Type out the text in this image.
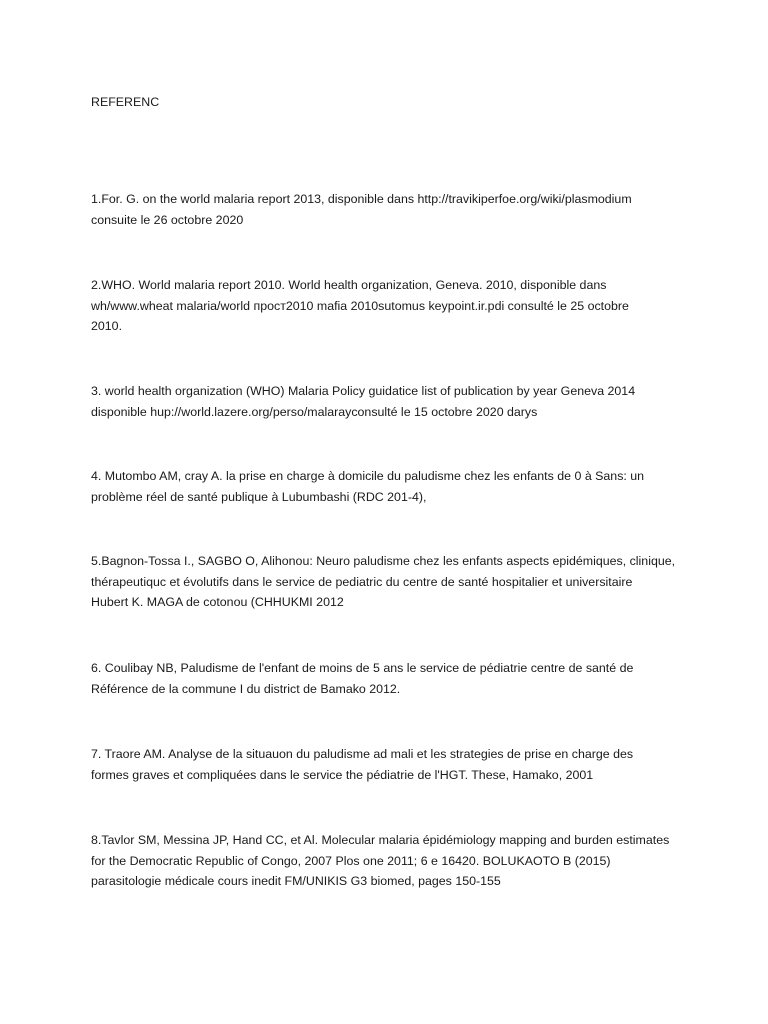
REFERENC

1.For. G. on the world malaria report 2013, disponible dans http://travikiperfoe.org/wiki/plasmodium
consuite le 26 octobre 2020

2.WHO. World malaria report 2010. World health organization, Geneva. 2010, disponible dans
wh/www.wheat malaria/world прост2010 mafia 2010sutomus keypoint.ir.pdi consulté le 25 octobre
2010.

3. world health organization (WHO) Malaria Policy guidatice list of publication by year Geneva 2014
disponible hup://world.lazere.org/perso/malarayconsulté le 15 octobre 2020 darys

4. Mutombo AM, cray A. la prise en charge à domicile du paludisme chez les enfants de 0 à Sans: un
problème réel de santé publique à Lubumbashi (RDC 201-4),

5.Bagnon-Tossa I., SAGBO O, Alihonou: Neuro paludisme chez les enfants aspects epidémiques, clinique,
thérapeutiquc et évolutifs dans le service de pediatric du centre de santé hospitalier et universitaire
Hubert K. MAGA de cotonou (CHHUKMI 2012

6. Coulibay NB, Paludisme de l'enfant de moins de 5 ans le service de pédiatrie centre de santé de
Référence de la commune I du district de Bamako 2012.

7. Traore AM. Analyse de la situauon du paludisme ad mali et les strategies de prise en charge des
formes graves et compliquées dans le service the pédiatrie de l'HGT. These, Hamako, 2001

8.Tavlor SM, Messina JP, Hand CC, et Al. Molecular malaria épidémiology mapping and burden estimates
for the Democratic Republic of Congo, 2007 Plos one 2011; 6 e 16420. BOLUKAOTO B (2015)
parasitologie médicale cours inedit FM/UNIKIS G3 biomed, pages 150-155
